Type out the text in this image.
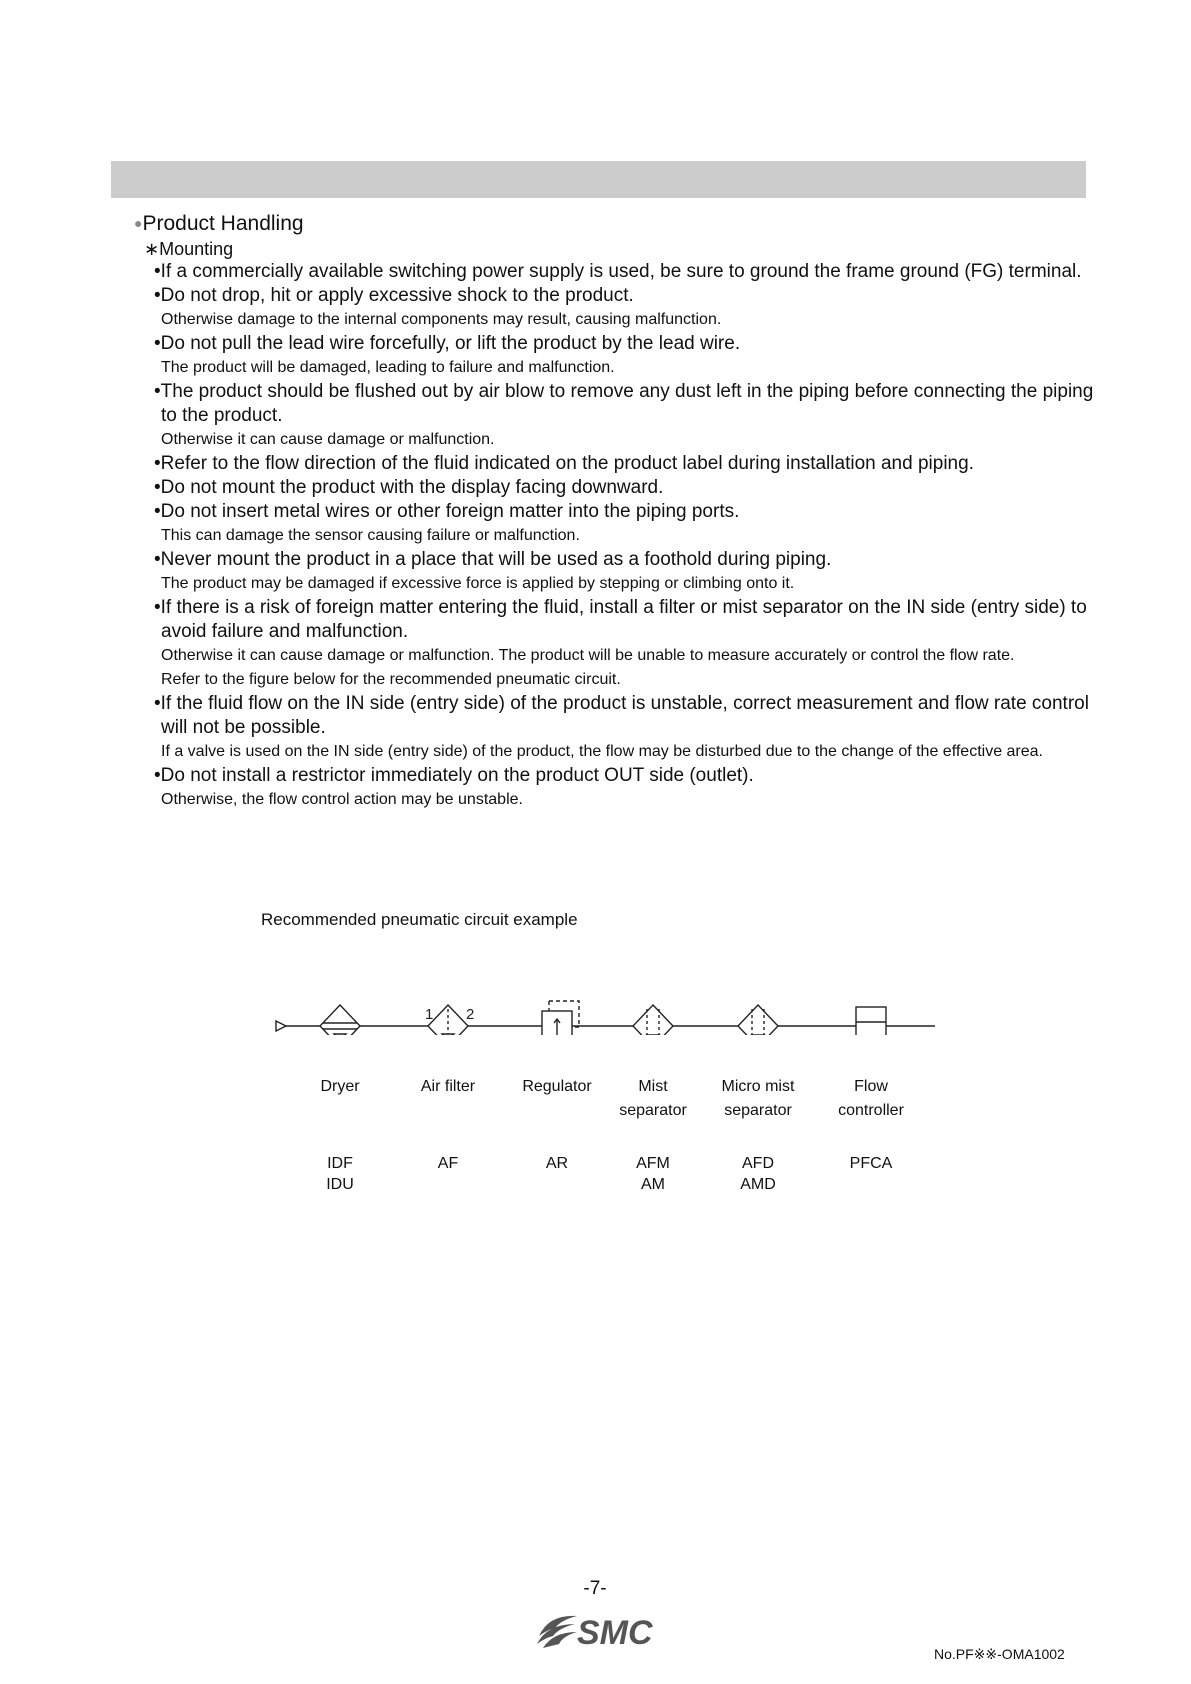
●Product Handling
∗Mounting
•If a commercially available switching power supply is used, be sure to ground the frame ground (FG) terminal.
•Do not drop, hit or apply excessive shock to the product.
Otherwise damage to the internal components may result, causing malfunction.
•Do not pull the lead wire forcefully, or lift the product by the lead wire.
The product will be damaged, leading to failure and malfunction.
•The product should be flushed out by air blow to remove any dust left in the piping before connecting the piping to the product.
Otherwise it can cause damage or malfunction.
•Refer to the flow direction of the fluid indicated on the product label during installation and piping.
•Do not mount the product with the display facing downward.
•Do not insert metal wires or other foreign matter into the piping ports.
This can damage the sensor causing failure or malfunction.
•Never mount the product in a place that will be used as a foothold during piping.
The product may be damaged if excessive force is applied by stepping or climbing onto it.
•If there is a risk of foreign matter entering the fluid, install a filter or mist separator on the IN side (entry side) to avoid failure and malfunction.
Otherwise it can cause damage or malfunction. The product will be unable to measure accurately or control the flow rate.
Refer to the figure below for the recommended pneumatic circuit.
•If the fluid flow on the IN side (entry side) of the product is unstable, correct measurement and flow rate control will not be possible.
If a valve is used on the IN side (entry side) of the product, the flow may be disturbed due to the change of the effective area.
•Do not install a restrictor immediately on the product OUT side (outlet).
Otherwise, the flow control action may be unstable.
Recommended pneumatic circuit example
1 2
Dryer
IDF
IDU
Air filter
AF
Regulator
AR
Mist
separator
AFM
AM
Micro mist
separator
AFD
AMD
Flow
controller
PFCA
-7-
SMC
No.PF※※-OMA1002
